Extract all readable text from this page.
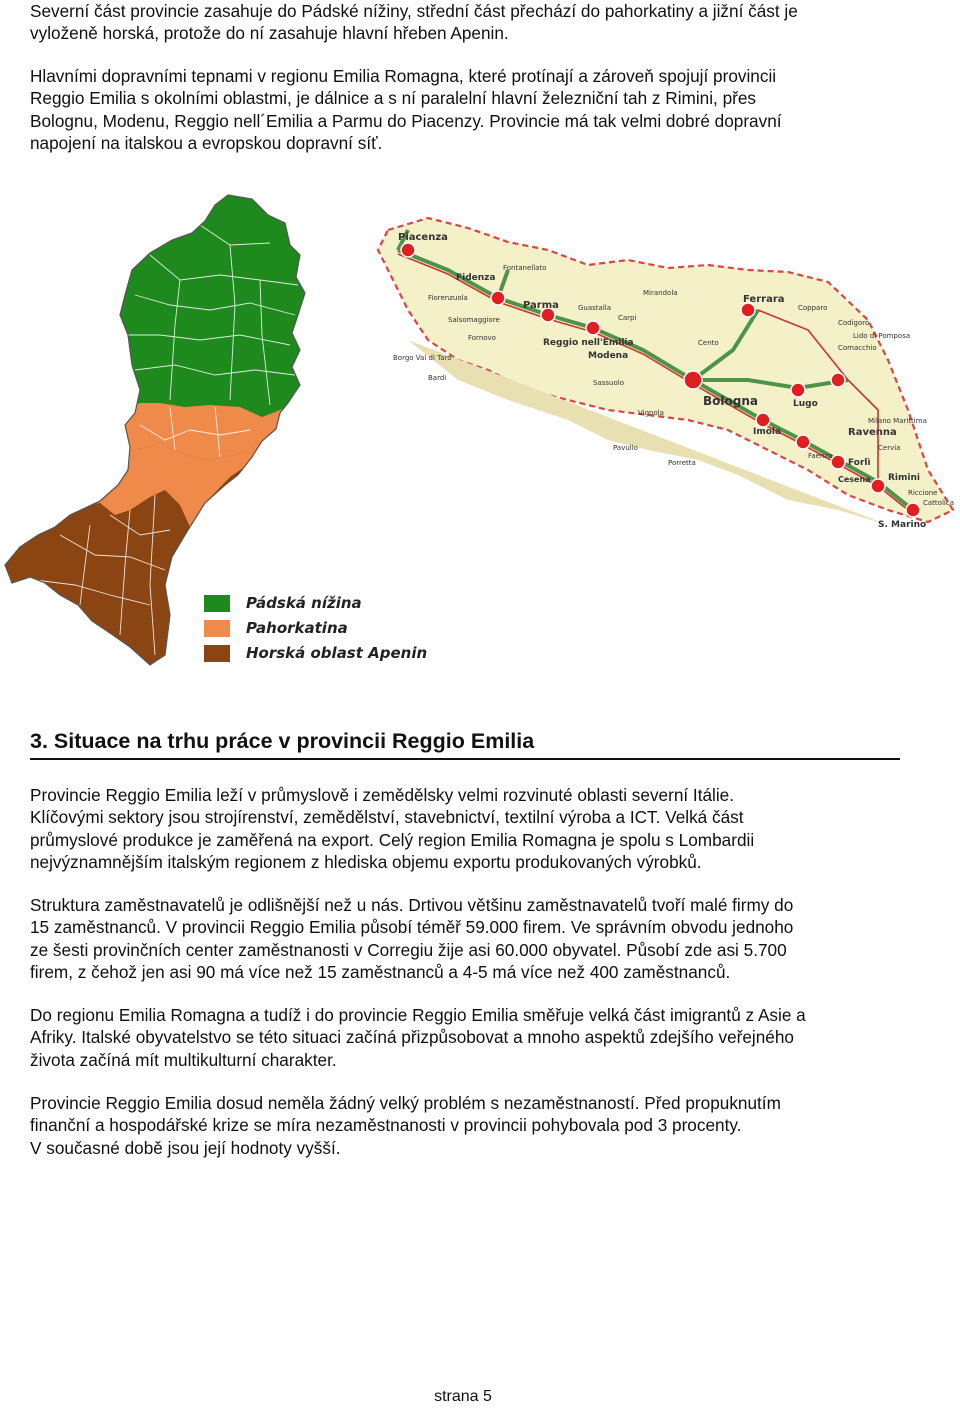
Severní část provincie zasahuje do Pádské nížiny, střední část přechází do pahorkatiny a jižní část je
vyloženě horská, protože do ní zasahuje hlavní hřeben Apenin.

Hlavními dopravními tepnami v regionu Emilia Romagna, které protínají a zároveň spojují provincii
Reggio Emilia s okolními oblastmi, je dálnice a s ní paralelní hlavní železniční tah z Rimini, přes
Bolognu, Modenu, Reggio nell´Emilia a Parmu do Piacenzy. Provincie má tak velmi dobré dopravní
napojení na italskou a evropskou dopravní síť.

Pádská nížina
Pahorkatina
Horská oblast Apenin
Piacenza
Fidenza
Parma
Reggio nell'Emilia
Modena
Ferrara
Bologna
Imola
Lugo
Ravenna
Forlì
Cesena Rimini
S. Marino
Fiorenzuola
Salsomaggiore
Fontanellato
Fornovo
Guastalla
Carpi
Mirandola
Cento
Copparo
Comacchio
Sassuolo
Vignola
Bardi
Borgo Val di Taro
Pavullo
Porretta
Faenza
Cervia
Milano Marittima
Riccione
Cattolica
Codigoro
Lido di Pomposa
3. Situace na trhu práce v provincii Reggio Emilia

Provincie Reggio Emilia leží v průmyslově i zemědělsky velmi rozvinuté oblasti severní Itálie.
Klíčovými sektory jsou strojírenství, zemědělství, stavebnictví, textilní výroba a ICT. Velká část
průmyslové produkce je zaměřená na export. Celý region Emilia Romagna je spolu s Lombardii
nejvýznamnějším italským regionem z hlediska objemu exportu produkovaných výrobků.

Struktura zaměstnavatelů je odlišnější než u nás. Drtivou většinu zaměstnavatelů tvoří malé firmy do
15 zaměstnanců. V provincii Reggio Emilia působí téměř 59.000 firem. Ve správním obvodu jednoho
ze šesti provinčních center zaměstnanosti v Corregiu žije asi 60.000 obyvatel. Působí zde asi 5.700
firem, z čehož jen asi 90 má více než 15 zaměstnanců a 4-5 má více než 400 zaměstnanců.

Do regionu Emilia Romagna a tudíž i do provincie Reggio Emilia směřuje velká část imigrantů z Asie a
Afriky. Italské obyvatelstvo se této situaci začíná přizpůsobovat a mnoho aspektů zdejšího veřejného
života začíná mít multikulturní charakter.

Provincie Reggio Emilia dosud neměla žádný velký problém s nezaměstnaností. Před propuknutím
finanční a hospodářské krize se míra nezaměstnanosti v provincii pohybovala pod 3 procenty.
V současné době jsou její hodnoty vyšší.

strana 5
